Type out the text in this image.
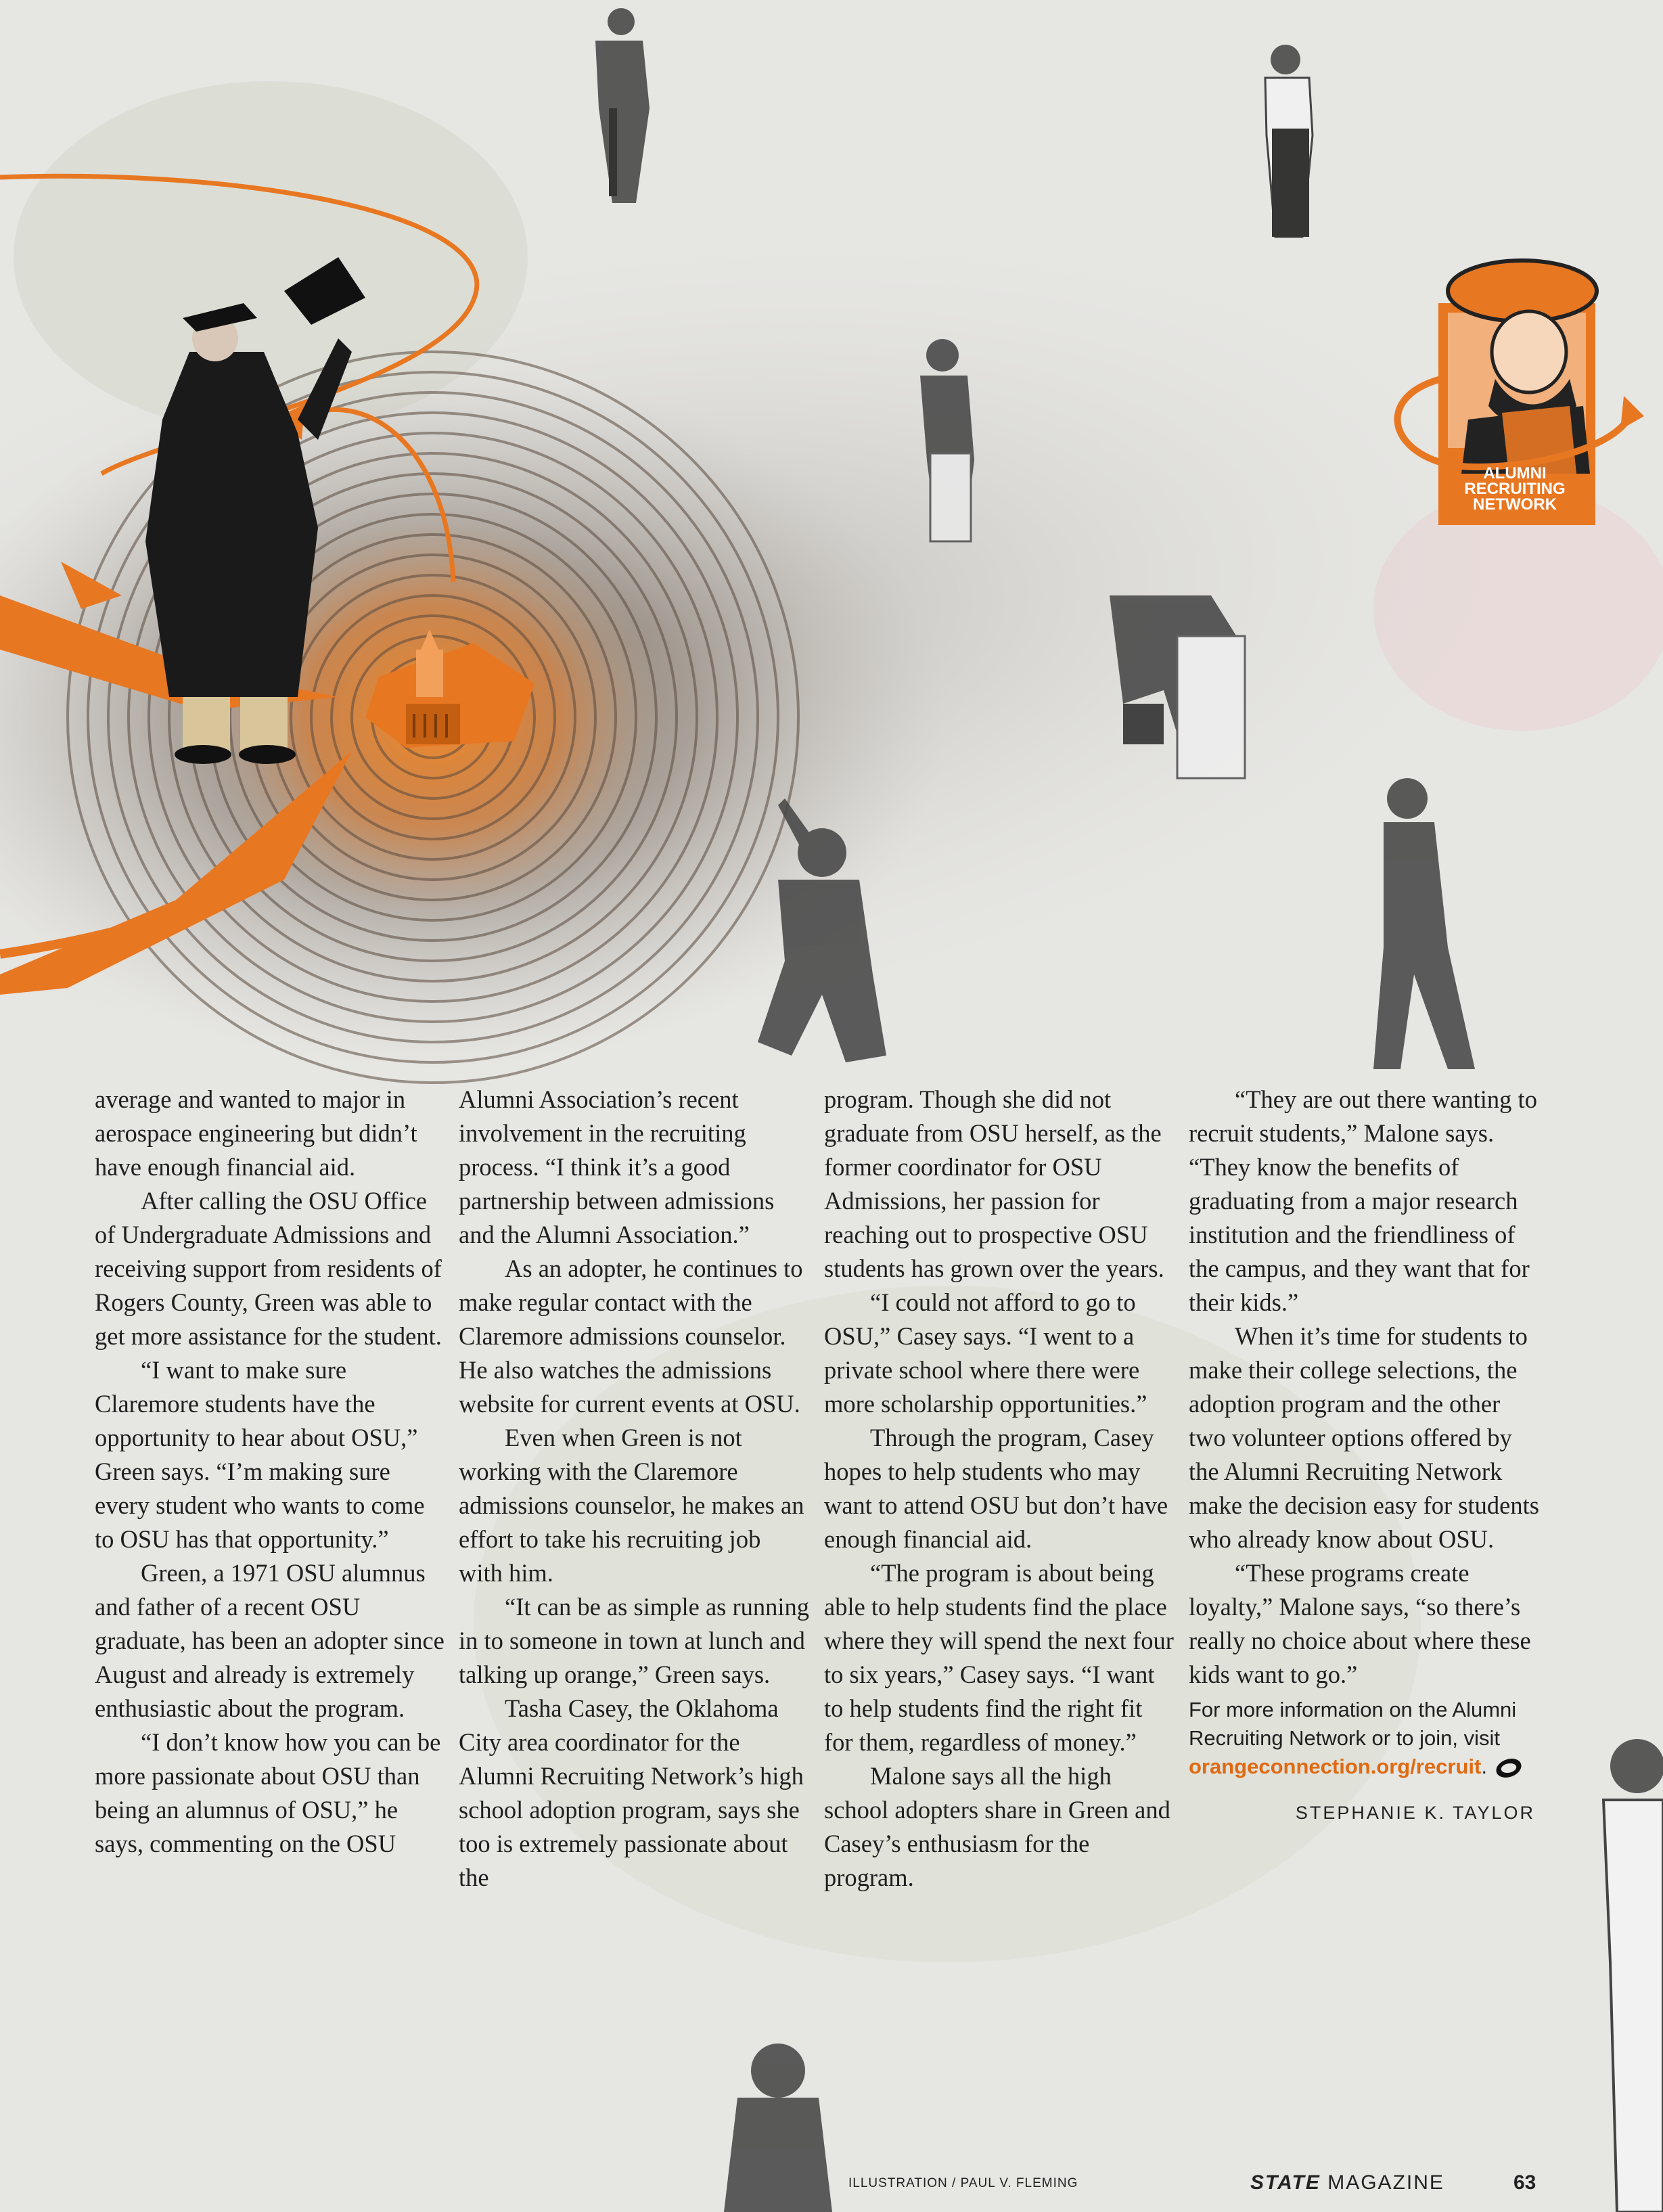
ALUMNI
RECRUITING
NETWORK

average and wanted to major in aerospace engineering but didn’t have enough financial aid.

After calling the OSU Office of Undergraduate Admissions and receiving support from residents of Rogers County, Green was able to get more assistance for the student.

“I want to make sure Claremore students have the opportunity to hear about OSU,” Green says. “I’m making sure every student who wants to come to OSU has that opportunity.”

Green, a 1971 OSU alumnus and father of a recent OSU graduate, has been an adopter since August and already is extremely enthusiastic about the program.

“I don’t know how you can be more passionate about OSU than being an alumnus of OSU,” he says, commenting on the OSU

Alumni Association’s recent involvement in the recruiting process. “I think it’s a good partnership between admissions and the Alumni Association.”

As an adopter, he continues to make regular contact with the Claremore admissions counselor. He also watches the admissions website for current events at OSU.

Even when Green is not working with the Claremore admissions counselor, he makes an effort to take his recruiting job with him.

“It can be as simple as running in to someone in town at lunch and talking up orange,” Green says.

Tasha Casey, the Oklahoma City area coordinator for the Alumni Recruiting Network’s high school adoption program, says she too is extremely passionate about the

program. Though she did not graduate from OSU herself, as the former coordinator for OSU Admissions, her passion for reaching out to prospective OSU students has grown over the years.

“I could not afford to go to OSU,” Casey says. “I went to a private school where there were more scholarship opportunities.”

Through the program, Casey hopes to help students who may want to attend OSU but don’t have enough financial aid.

“The program is about being able to help students find the place where they will spend the next four to six years,” Casey says. “I want to help students find the right fit for them, regardless of money.”

Malone says all the high school adopters share in Green and Casey’s enthusiasm for the program.

“They are out there wanting to recruit students,” Malone says. “They know the benefits of graduating from a major research institution and the friendliness of the campus, and they want that for their kids.”

When it’s time for students to make their college selections, the adoption program and the other two volunteer options offered by the Alumni Recruiting Network make the decision easy for students who already know about OSU.

“These programs create loyalty,” Malone says, “so there’s really no choice about where these kids want to go.”

For more information on the Alumni Recruiting Network or to join, visit orangeconnection.org/recruit.
STEPHANIE K. TAYLOR
ILLUSTRATION / PAUL V. FLEMING	STATE MAGAZINE	63
